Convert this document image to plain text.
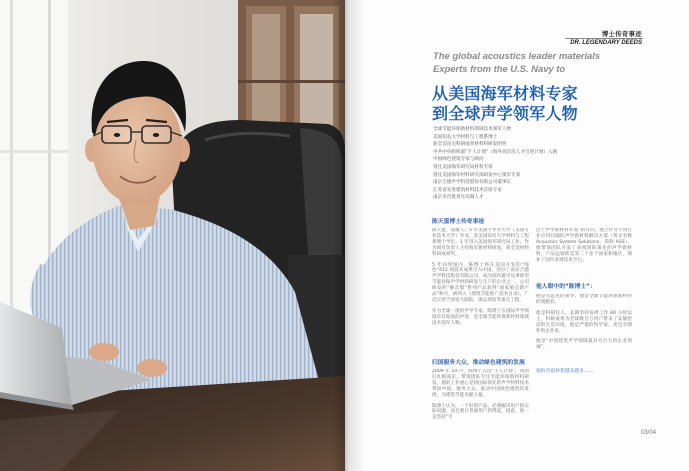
博士传奇事迹
DR. LEGENDARY DEEDS
The global acoustics leader materials
Experts from the U.S. Navy to
从美国海军材料专家
到全球声学领军人物
全球节能环保新材料领域技术领军人物
美国知名大学材料与工程系博士
获全美顶尖科研成果材料科研发明奖
中共中央组织部“千人计划”（海外高层次人才引进计划）入围
中国绿色建筑专家与顾问
曾任美国海军研究局材料专家
曾任美国海军材料研究部研发中心领军专家
南京吉德声学科技股份有限公司董事长
江苏省先进建筑材料技术首席专家
南京市首批青年高端人才
陈天蛋博士传奇事迹

陈天蛋，安徽人。5 年美国卡罗尔大学（美国专业技术大学）毕业，获美国知名大学材料与工程系博士学位。1 年进入美国海军研究局工作，作为项目负责人主持海军新材料研发，获全美材料科研成果奖。

5 年回到国内，陈博士将在美国开发的“绿色”412 项技术成果引入中国，创办了南京吉德声学科技股份有限公司，成为国内最早从事新型节能环保声学材料研发与生产的企业之一。公司研发的“静音墙”系列产品获得“国家重点新产品”称号，被列入《建筑节能推广技术目录》，广泛应用于国家大剧院、奥运场馆等重点工程。

作为全球一流的声学专家，陈博士在国际声学领域享有很高的声誉，是全球节能环保新材料领域技术领军人物。

归国服务大众，推动绿色建筑的发展

2009 年 10 月，陈博士入选“千人计划”，回国后扎根南京，带领团队专注节能环保新材料研发。他的工作重心是将国际领先的声学材料技术带回中国，服务大众，推动中国绿色建筑的发展，为建筑节能贡献力量。

陈博士认为，一个好的产品，必须解决用户的实际问题，而且要让普通用户用得起。因此，他一直坚持“专

注于声学新材料开发”的方向，建立针对不同行业应用问题的声学新材料解决方案（英文名称 Acoustics System Solutions，简称 ASS）。他带领团队开发了多项国际领先的声学新材料，产品远销欧美等二十多个国家和地区，填补了国内多项技术空白。

他人眼中的“陈博士”：

他是有远见的领导。他是全球节能环保新材料的领跑者。

他是科研狂人，长期坚持每周工作 80 小时以上，科研成果为全球数百万用户带来了安静舒适的生活环境。他是严谨的科学家，更是有情怀的企业家。

他是“中国建筑声学领域最具号召力的企业领袖”。

他的奇思妙想越来越多……
03/04
